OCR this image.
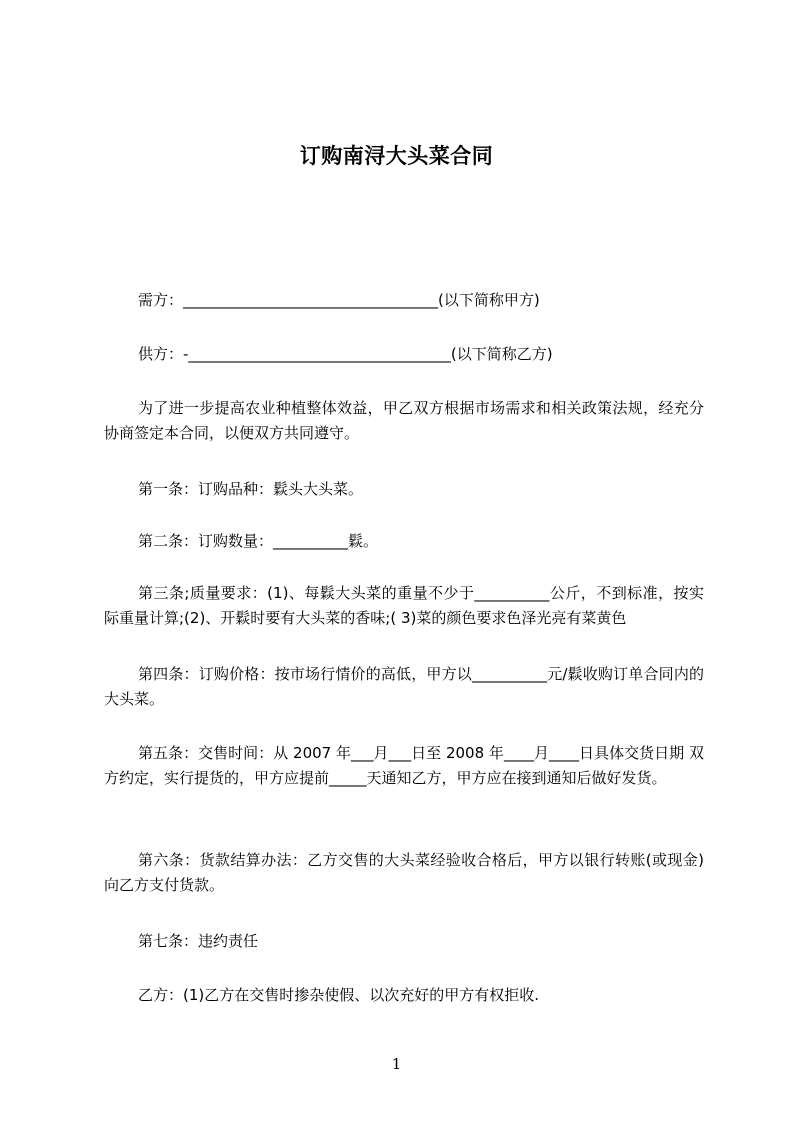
订购南浔大头菜合同
需方：__________________________________(以下简称甲方)
供方：-___________________________________(以下简称乙方)
为了进一步提高农业种植整体效益，甲乙双方根据市场需求和相关政策法规，经充分协商签定本合同，以便双方共同遵守。
第一条：订购品种：鬏头大头菜。
第二条：订购数量：__________鬏。
第三条;质量要求：(1)、每鬏大头菜的重量不少于__________公斤，不到标准，按实际重量计算;(2)、开鬏时要有大头菜的香味;( 3)菜的颜色要求色泽光亮有菜黄色
第四条：订购价格：按市场行情价的高低，甲方以__________元/鬏收购订单合同内的大头菜。
第五条：交售时间：从 2007 年___月___日至 2008 年____月____日具体交货日期 双方约定，实行提货的，甲方应提前_____天通知乙方，甲方应在接到通知后做好发货。
第六条：货款结算办法：乙方交售的大头菜经验收合格后，甲方以银行转账(或现金)向乙方支付货款。
第七条：违约责任
乙方：(1)乙方在交售时掺杂使假、以次充好的甲方有权拒收.
1
